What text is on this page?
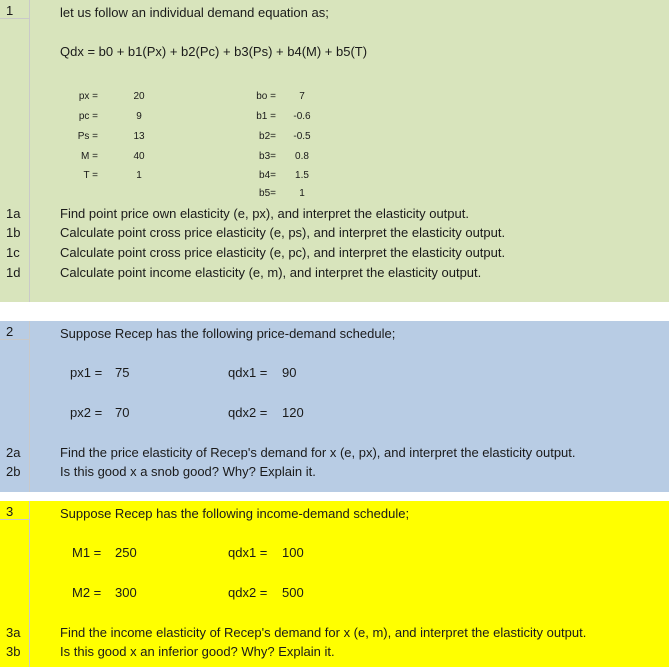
1	let us follow an individual demand equation as;
Qdx = b0 + b1(Px) + b2(Pc) + b3(Ps) + b4(M) + b5(T)
px =	20
pc =	9
Ps =	13
M =	40
T =	1
bo =	7
b1 =	-0.6
b2=	-0.5
b3=	0.8
b4=	1.5
b5=	1
1a	Find point price own elasticity (e, px), and interpret the elasticity output.
1b	Calculate point cross price elasticity (e, ps), and interpret the elasticity output.
1c	Calculate point cross price elasticity (e, pc), and interpret the elasticity output.
1d	Calculate point income elasticity (e, m), and interpret the elasticity output.
2	Suppose Recep has the following price-demand schedule;
px1 = 75	qdx1 = 90
px2 = 70	qdx2 = 120
2a	Find the price elasticity of Recep's demand for x (e, px), and interpret the elasticity output.
2b	Is this good x a snob good? Why? Explain it.
3	Suppose Recep has the following income-demand schedule;
M1 = 250	qdx1 = 100
M2 = 300	qdx2 = 500
3a	Find the income elasticity of Recep's demand for x (e, m), and interpret the elasticity output.
3b	Is this good x an inferior good? Why? Explain it.
